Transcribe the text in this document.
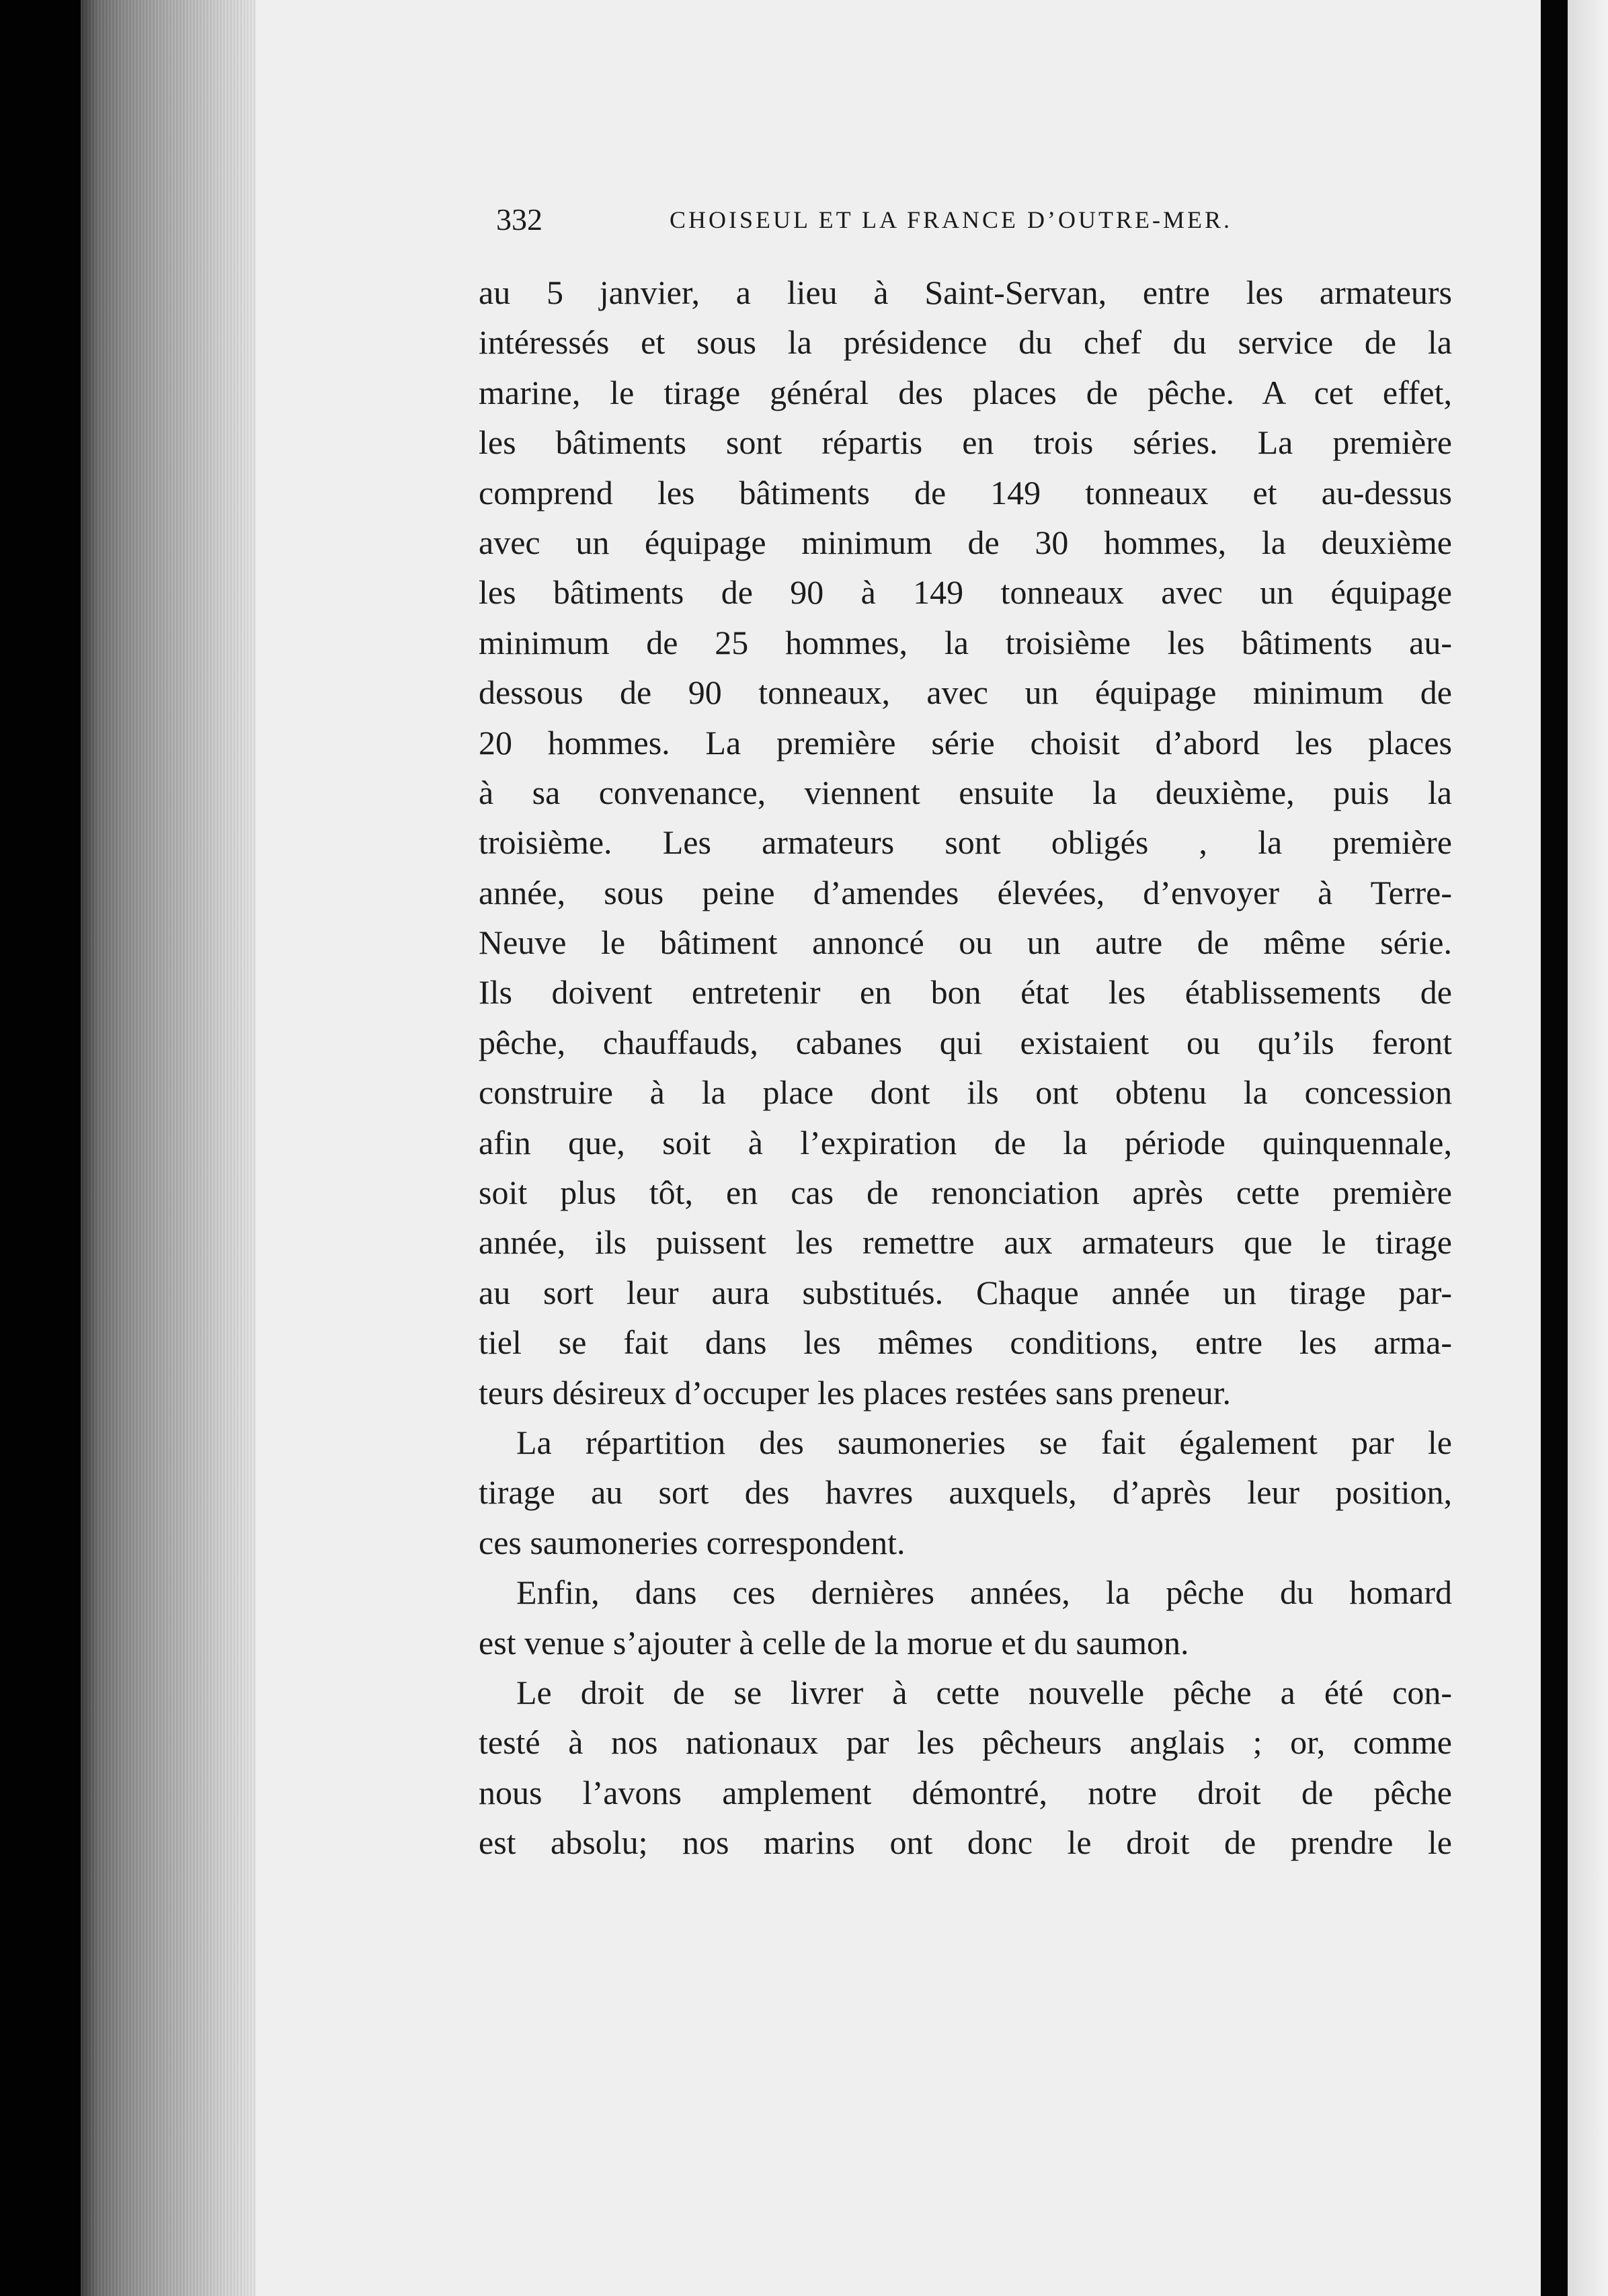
332	CHOISEUL ET LA FRANCE D’OUTRE-MER.
au 5 janvier, a lieu à Saint-Servan, entre les armateurs
intéressés et sous la présidence du chef du service de la
marine, le tirage général des places de pêche. A cet effet,
les bâtiments sont répartis en trois séries. La première
comprend les bâtiments de 149 tonneaux et au-dessus
avec un équipage minimum de 30 hommes, la deuxième
les bâtiments de 90 à 149 tonneaux avec un équipage
minimum de 25 hommes, la troisième les bâtiments au-
dessous de 90 tonneaux, avec un équipage minimum de
20 hommes. La première série choisit d’abord les places
à sa convenance, viennent ensuite la deuxième, puis la
troisième. Les armateurs sont obligés , la première
année, sous peine d’amendes élevées, d’envoyer à Terre-
Neuve le bâtiment annoncé ou un autre de même série.
Ils doivent entretenir en bon état les établissements de
pêche, chauffauds, cabanes qui existaient ou qu’ils feront
construire à la place dont ils ont obtenu la concession
afin que, soit à l’expiration de la période quinquennale,
soit plus tôt, en cas de renonciation après cette première
année, ils puissent les remettre aux armateurs que le tirage
au sort leur aura substitués. Chaque année un tirage par-
tiel se fait dans les mêmes conditions, entre les arma-
teurs désireux d’occuper les places restées sans preneur.
La répartition des saumoneries se fait également par le
tirage au sort des havres auxquels, d’après leur position,
ces saumoneries correspondent.
Enfin, dans ces dernières années, la pêche du homard
est venue s’ajouter à celle de la morue et du saumon.
Le droit de se livrer à cette nouvelle pêche a été con-
testé à nos nationaux par les pêcheurs anglais ; or, comme
nous l’avons amplement démontré, notre droit de pêche
est absolu; nos marins ont donc le droit de prendre le
